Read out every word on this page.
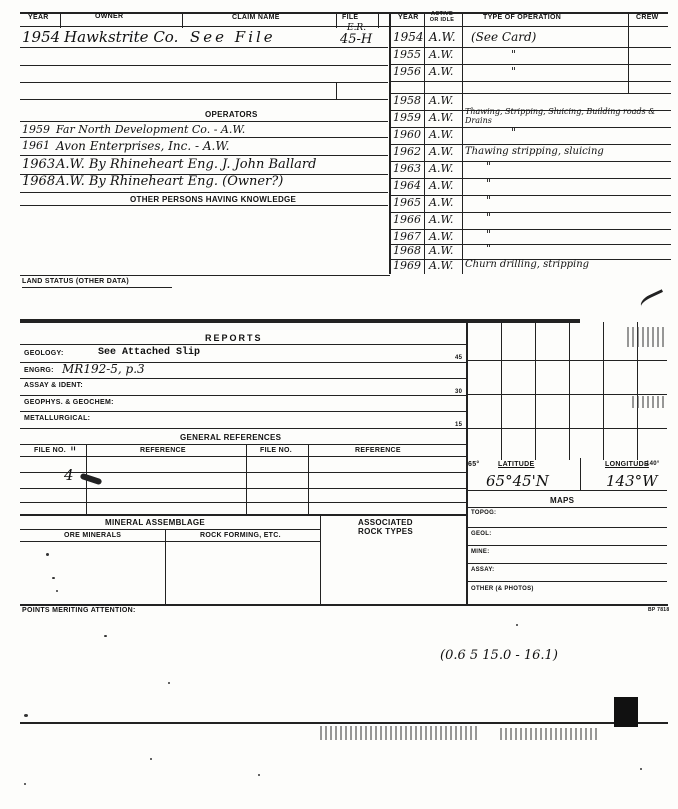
YEAR	OWNER	CLAIM NAME	FILE	YEAR	ACTIVE OR IDLE	TYPE OF OPERATION	CREW
1954 Hawkstrite Co. See File	E.R.
45-H
OPERATORS
1959 Far North Development Co. - A.W.
1961 Avon Enterprises, Inc. - A.W.
1963 A.W. By Rhineheart Eng. J. John Ballard
1968 A.W. By Rhineheart Eng. (Owner?)
OTHER PERSONS HAVING KNOWLEDGE
1954 A.W. (See Card)
1955 A.W.	"
1956 A.W.	"
1958 A.W.
1959 A.W. Thawing, Stripping, Sluicing, Building roads & Drains
1960 A.W.	"
1962 A.W. Thawing stripping, sluicing
1963 A.W.	"
1964 A.W.	"
1965 A.W.	"
1966 A.W.	"
1967 A.W.	"
1968 A.W.	"
1969 A.W. Churn drilling, stripping
LAND STATUS (OTHER DATA)
REPORTS
GEOLOGY:	See Attached Slip	45
ENGRG: MR192-5, p.3
ASSAY & IDENT:
30
GEOPHYS. & GEOCHEM:
METALLURGICAL:
15
GENERAL REFERENCES
FILE NO.	REFERENCE	FILE NO.	REFERENCE
"
4
MINERAL ASSEMBLAGE	ASSOCIATED
ROCK TYPES
ORE MINERALS	ROCK FORMING, ETC.
65°	LATITUDE	LONGITUDE
140°
65°45'N	143°W
MAPS
TOPOG:
GEOL:
MINE:
ASSAY:
OTHER (& PHOTOS)
POINTS MERITING ATTENTION:	BP 7818
(0.6 5 15.0 - 16.1)
